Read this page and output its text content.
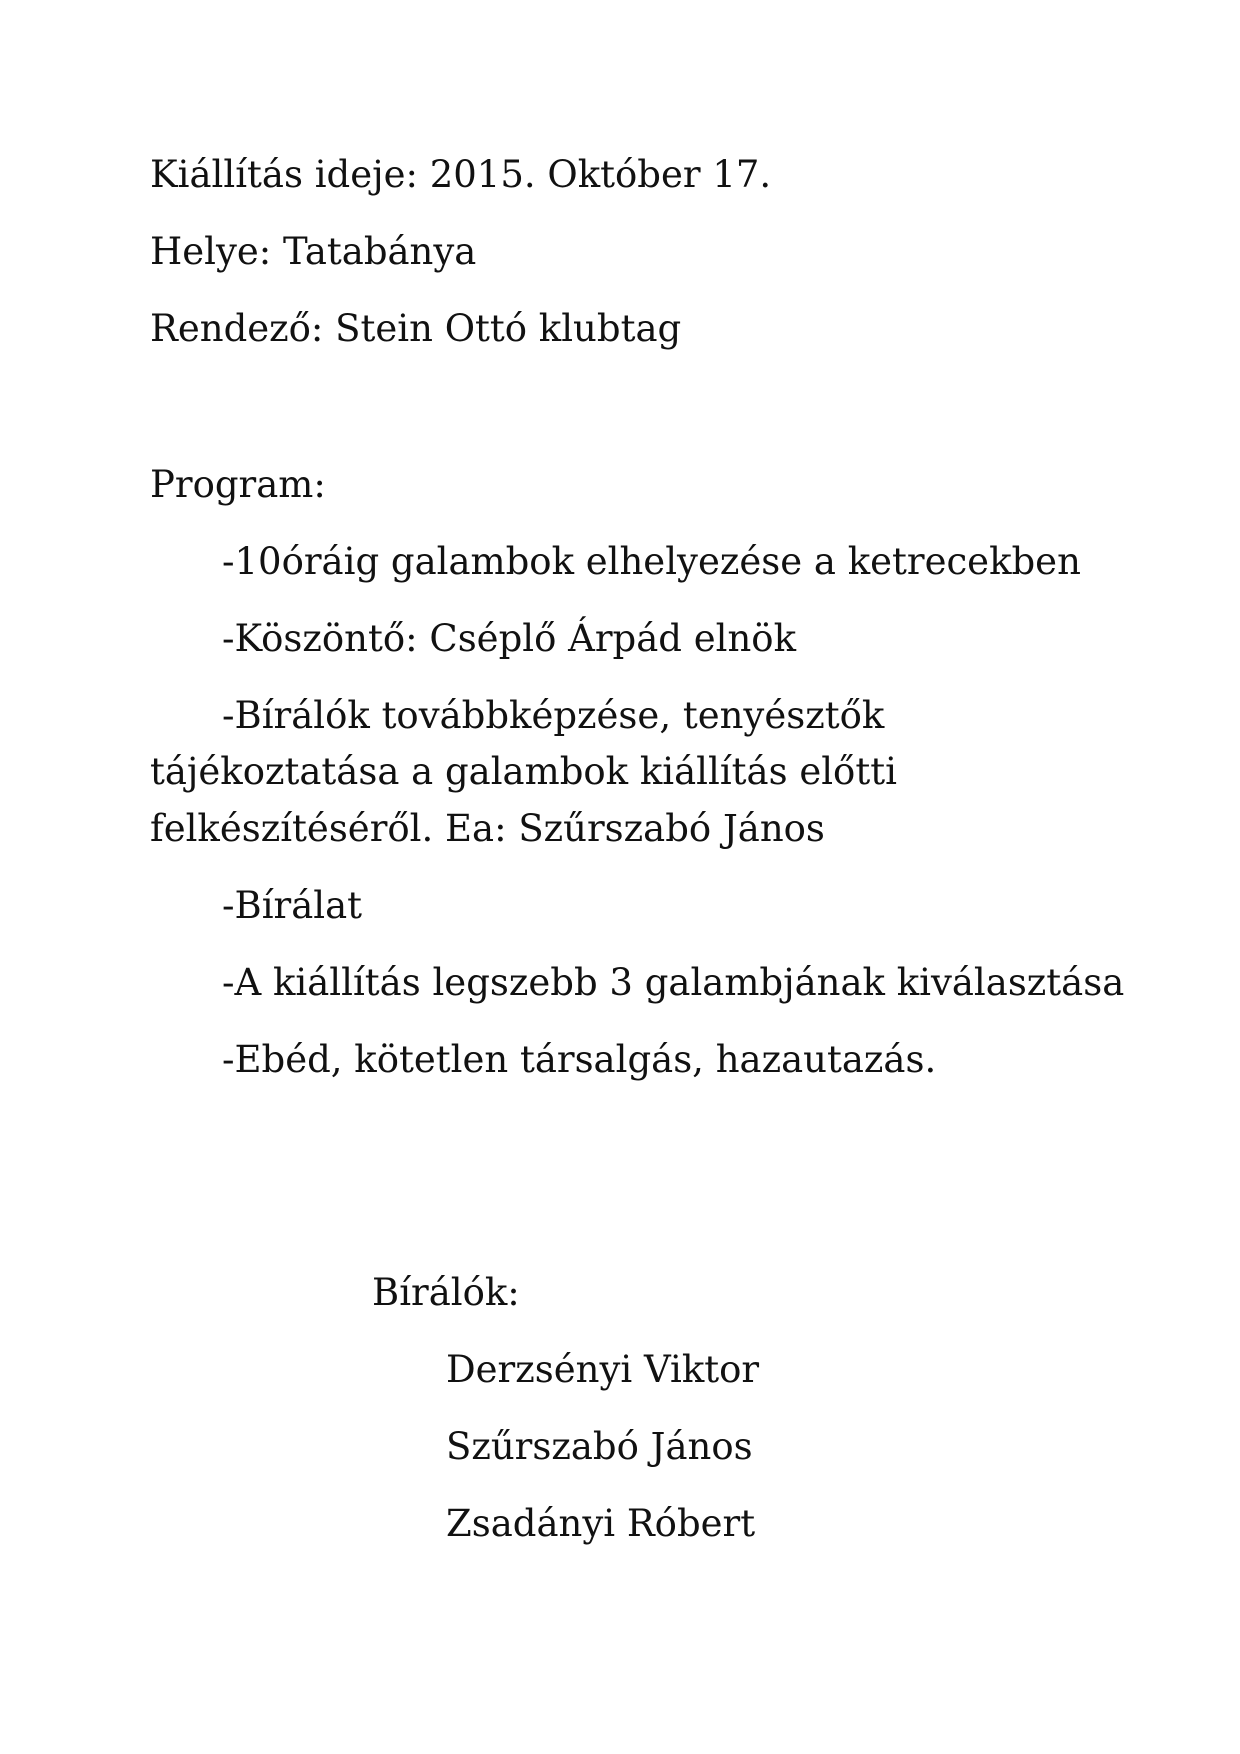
Kiállítás ideje: 2015. Október 17.

Helye: Tatabánya

Rendező: Stein Ottó klubtag

Program:

-10óráig galambok elhelyezése a ketrecekben

-Köszöntő: Cséplő Árpád elnök

-Bírálók továbbképzése, tenyésztők

tájékoztatása a galambok kiállítás előtti

felkészítéséről. Ea: Szűrszabó János

-Bírálat

-A kiállítás legszebb 3 galambjának kiválasztása

-Ebéd, kötetlen társalgás, hazautazás.

Bírálók:

Derzsényi Viktor

Szűrszabó János

Zsadányi Róbert
